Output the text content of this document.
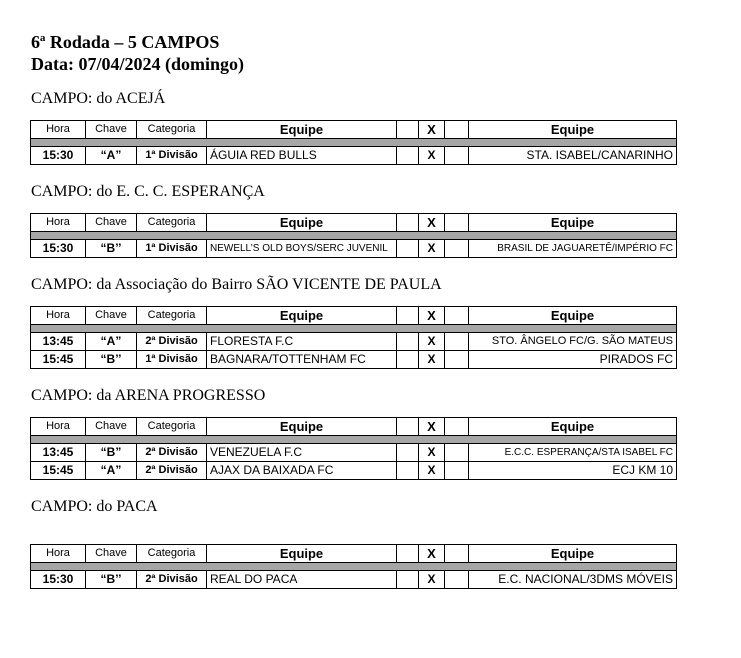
6ª Rodada – 5 CAMPOS
Data: 07/04/2024 (domingo)
CAMPO: do ACEJÁ
Hora	Chave	Categoria	Equipe		X		Equipe

15:30	“A”	1ª Divisão	ÁGUIA RED BULLS		X		STA. ISABEL/CANARINHO
CAMPO: do E. C. C. ESPERANÇA
Hora	Chave	Categoria	Equipe		X		Equipe

15:30	“B’’	1ª Divisão	NEWELL’S OLD BOYS/SERC JUVENIL		X		BRASIL DE JAGUARETÊ/IMPÉRIO FC
CAMPO: da Associação do Bairro SÃO VICENTE DE PAULA
Hora	Chave	Categoria	Equipe		X		Equipe

13:45	“A”	2ª Divisão	FLORESTA F.C		X		STO. ÂNGELO FC/G. SÃO MATEUS
15:45	“B’’	1ª Divisão	BAGNARA/TOTTENHAM FC		X		PIRADOS FC
CAMPO: da ARENA PROGRESSO
Hora	Chave	Categoria	Equipe		X		Equipe

13:45	“B”	2ª Divisão	VENEZUELA F.C		X		E.C.C. ESPERANÇA/STA ISABEL FC
15:45	“A”	2ª Divisão	AJAX DA BAIXADA FC		X		ECJ KM 10
CAMPO: do PACA
Hora	Chave	Categoria	Equipe		X		Equipe

15:30	“B’’	2ª Divisão	REAL DO PACA		X		E.C. NACIONAL/3DMS MÓVEIS
